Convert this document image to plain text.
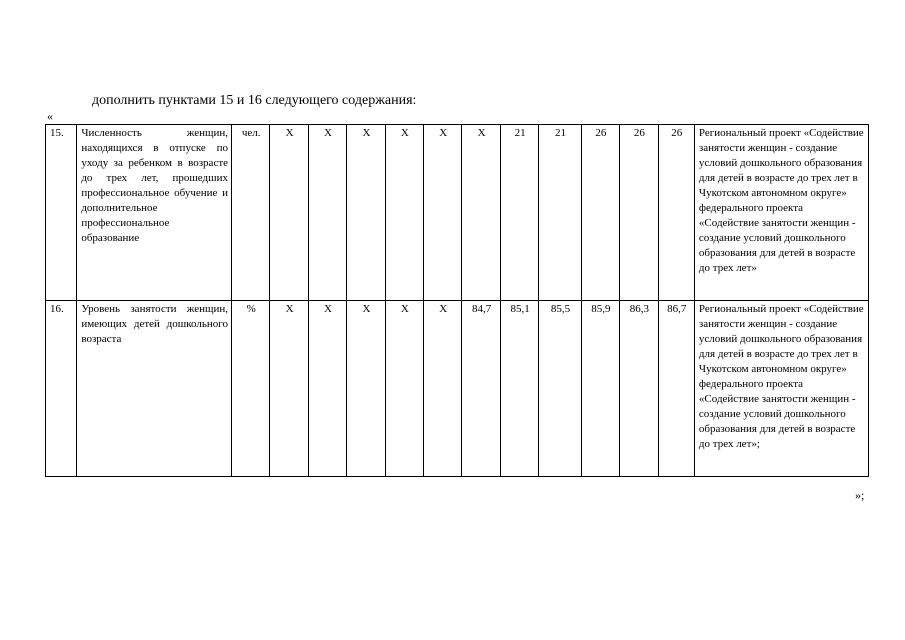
дополнить пунктами 15 и 16 следующего содержания:
«
15.	Численность женщин, находящихся в отпуске по уходу за ребенком в возрасте до трех лет, прошедших профессиональное обучение и дополнительное профессиональное образование	чел.	X	X	X	X	X	X	21	21	26	26	26	Региональный проект «Содействие занятости женщин - создание условий дошкольного образования для детей в возрасте до трех лет в Чукотском автономном округе» федерального проекта «Содействие занятости женщин - создание условий дошкольного образования для детей в возрасте до трех лет»
16.	Уровень занятости женщин, имеющих детей дошкольного возраста	%	X	X	X	X	X	84,7	85,1	85,5	85,9	86,3	86,7	Региональный проект «Содействие занятости женщин - создание условий дошкольного образования для детей в возрасте до трех лет в Чукотском автономном округе» федерального проекта «Содействие занятости женщин - создание условий дошкольного образования для детей в возрасте до трех лет»;
»;
